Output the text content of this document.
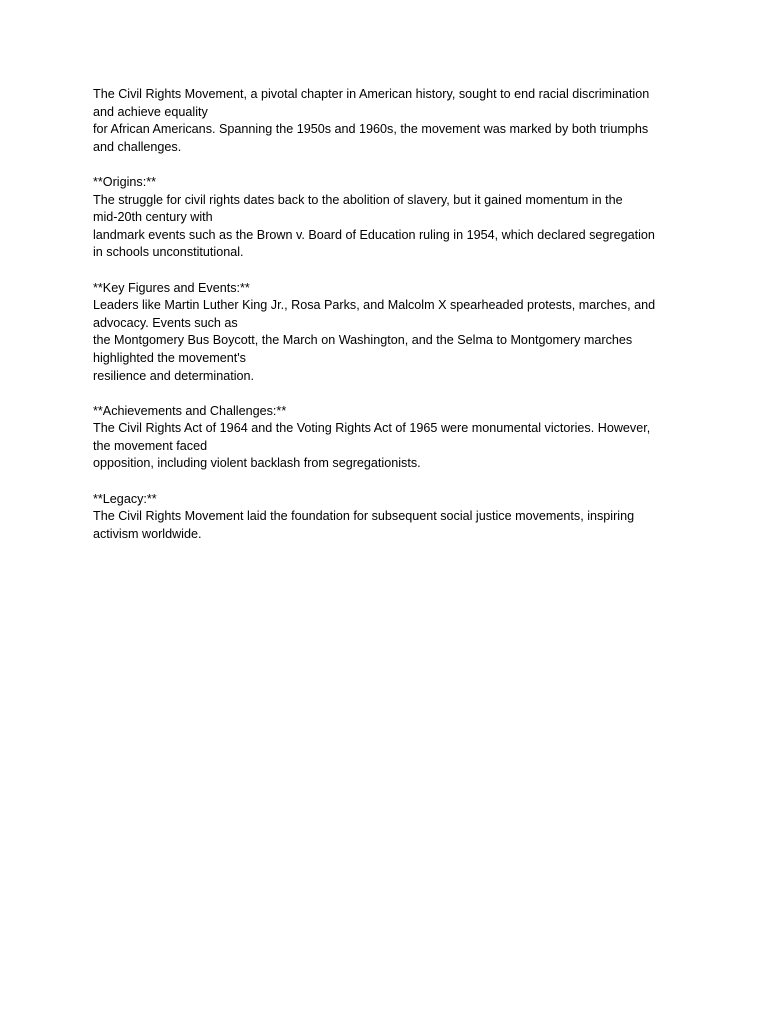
The Civil Rights Movement, a pivotal chapter in American history, sought to end racial discrimination
and achieve equality
for African Americans. Spanning the 1950s and 1960s, the movement was marked by both triumphs
and challenges.
**Origins:**
The struggle for civil rights dates back to the abolition of slavery, but it gained momentum in the
mid-20th century with
landmark events such as the Brown v. Board of Education ruling in 1954, which declared segregation
in schools unconstitutional.
**Key Figures and Events:**
Leaders like Martin Luther King Jr., Rosa Parks, and Malcolm X spearheaded protests, marches, and
advocacy. Events such as
the Montgomery Bus Boycott, the March on Washington, and the Selma to Montgomery marches
highlighted the movement's
resilience and determination.
**Achievements and Challenges:**
The Civil Rights Act of 1964 and the Voting Rights Act of 1965 were monumental victories. However,
the movement faced
opposition, including violent backlash from segregationists.
**Legacy:**
The Civil Rights Movement laid the foundation for subsequent social justice movements, inspiring
activism worldwide.
